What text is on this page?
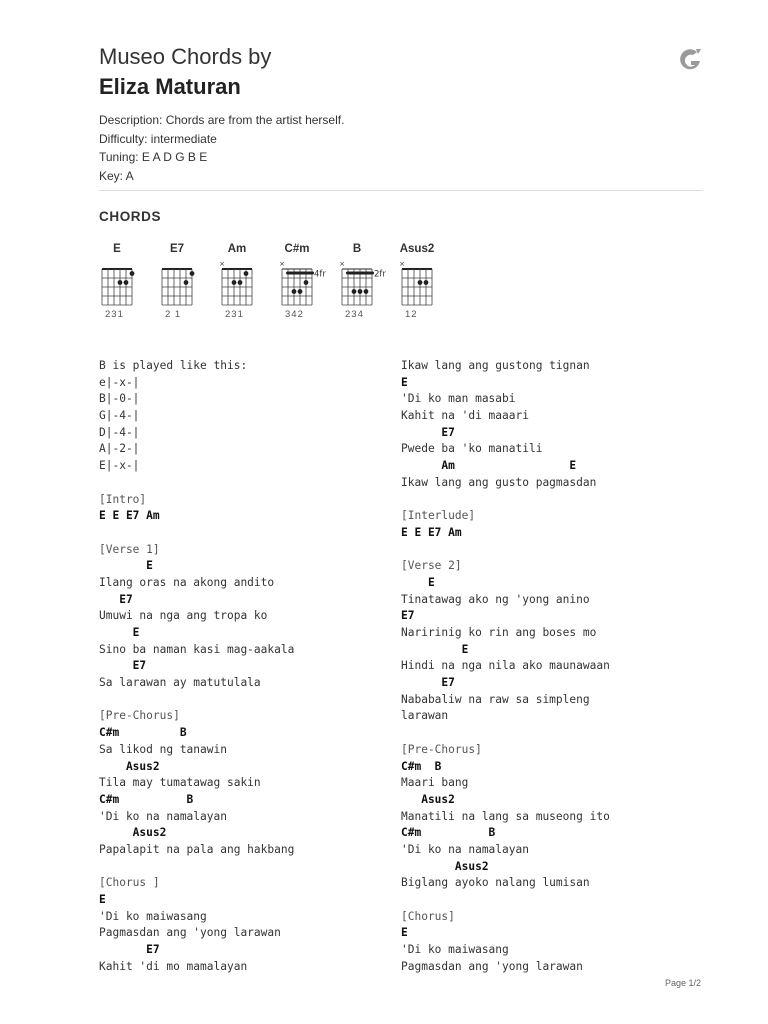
Museo Chords by
Eliza Maturan
Description: Chords are from the artist herself.
Difficulty: intermediate
Tuning: E A D G B E
Key: A
CHORDS
E
231
E7
2 1
Am
×
231
C#m
×
4fr
342
B
×
2fr
234
Asus2
×
12
B is played like this:
e|-x-|
B|-0-|
G|-4-|
D|-4-|
A|-2-|
E|-x-|
[Intro]
E E E7 Am
[Verse 1]
E
Ilang oras na akong andito
E7
Umuwi na nga ang tropa ko
E
Sino ba naman kasi mag-aakala
E7
Sa larawan ay matutulala
[Pre-Chorus]
C#m         B
Sa likod ng tanawin
Asus2
Tila may tumatawag sakin
C#m          B
'Di ko na namalayan
Asus2
Papalapit na pala ang hakbang
[Chorus ]
E
'Di ko maiwasang
Pagmasdan ang 'yong larawan
E7
Kahit 'di mo mamalayan
Ikaw lang ang gustong tignan
E
'Di ko man masabi
Kahit na 'di maaari
E7
Pwede ba 'ko manatili
Am                 E
Ikaw lang ang gusto pagmasdan
[Interlude]
E E E7 Am
[Verse 2]
E
Tinatawag ako ng 'yong anino
E7
Naririnig ko rin ang boses mo
E
Hindi na nga nila ako maunawaan
E7
Nababaliw na raw sa simpleng
larawan
[Pre-Chorus]
C#m  B
Maari bang
Asus2
Manatili na lang sa museong ito
C#m          B
'Di ko na namalayan
Asus2
Biglang ayoko nalang lumisan
[Chorus]
E
'Di ko maiwasang
Pagmasdan ang 'yong larawan
Page 1/2
